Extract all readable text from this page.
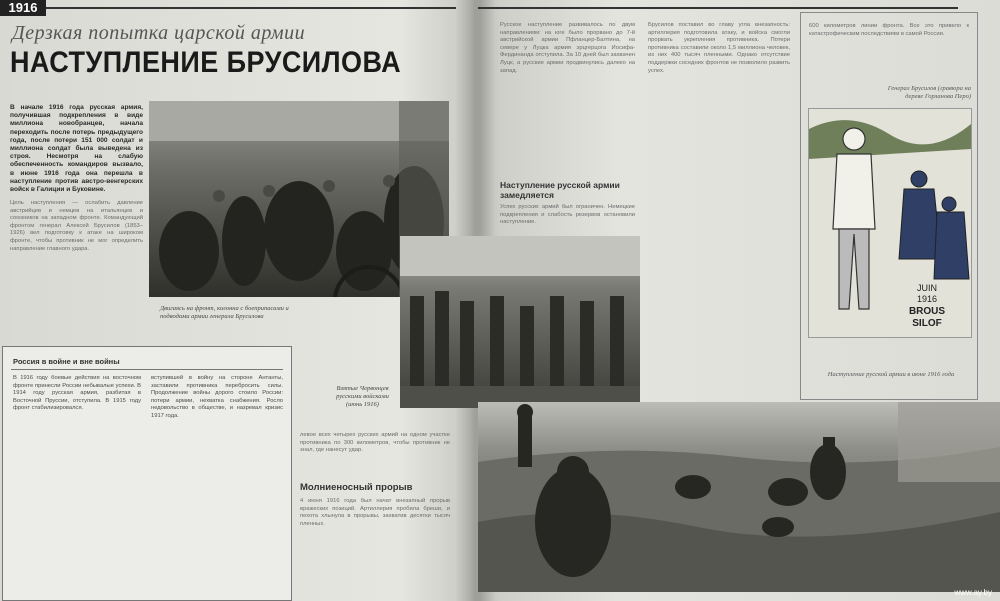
1916
Дерзкая попытка царской армии
НАСТУПЛЕНИЕ БРУСИЛОВА
В начале 1916 года русская армия, получившая подкрепления в виде миллиона новобранцев, начала переходить после потерь предыдущего года, после потери 151 000 солдат и миллиона солдат была выведена из строя. Несмотря на слабую обеспеченность командиров вызвало, в июне 1916 года она перешла в наступление против австро-венгерских войск в Галиции и Буковине.
Цель наступления — ослабить давление австрийцев и немцев на итальянцев и союзников на западном фронте. Командующий фронтом генерал Алексей Брусилов (1853–1926) вел подготовку к атаке на широком фронте, чтобы противник не мог определить направление главного удара.
Двигаясь на фронт, колонна с боеприпасами и подводами армии генерала Брусилова
Взятые Червонцев русскими войсками (июнь 1916)
Россия в войне и вне войны
В 1916 году боевые действия на восточном фронте принесли России небывалые успехи. В 1914 году русская армия, разбитая в Восточной Пруссии, отступила. В 1915 году фронт стабилизировался.
вступившей в войну на стороне Антанты, заставили противника перебросить силы. Продолжение войны дорого стоило России: потери армии, нехватка снабжения. Росло недовольство в обществе, и назревал кризис 1917 года.
левое всех четырех русских армий на одном участке противника по 300 километров, чтобы противник не знал, где нанесут удар.
Молниеносный прорыв
4 июня 1916 года был начат внезапный прорыв вражеских позиций. Артиллерия пробила бреши, и пехота хлынула в прорывы, захватив десятки тысяч пленных.
Русское наступление развивалось по двум направлениям: на юге было прорвано до 7-й австрийской армии Пфланцер-Балтина, на севере у Луцка армия эрцгерцога Иосифа-Фердинанда отступила. За 10 дней был захвачен Луцк, а русские армии продвинулись далеко на запад.
Наступление русской армии замедляется
Успех русских армий был ограничен. Немецкие подкрепления и слабость резервов остановили наступление.
Брусилов поставил во главу угла внезапность: артиллерия подготовила атаку, и войска смогли прорвать укрепления противника. Потери противника составили около 1,5 миллиона человек, из них 400 тысяч пленными. Однако отсутствие поддержки соседних фронтов не позволило развить успех.
600 километров линии фронта. Все это привело к катастрофическим последствиям в самой России.
Генерал Брусилов (гравюра на дереве Горланова Перо)
JUIN
1916
BROUS
SILOF
Наступление русской армии в июне 1916 года
www.ay.by
